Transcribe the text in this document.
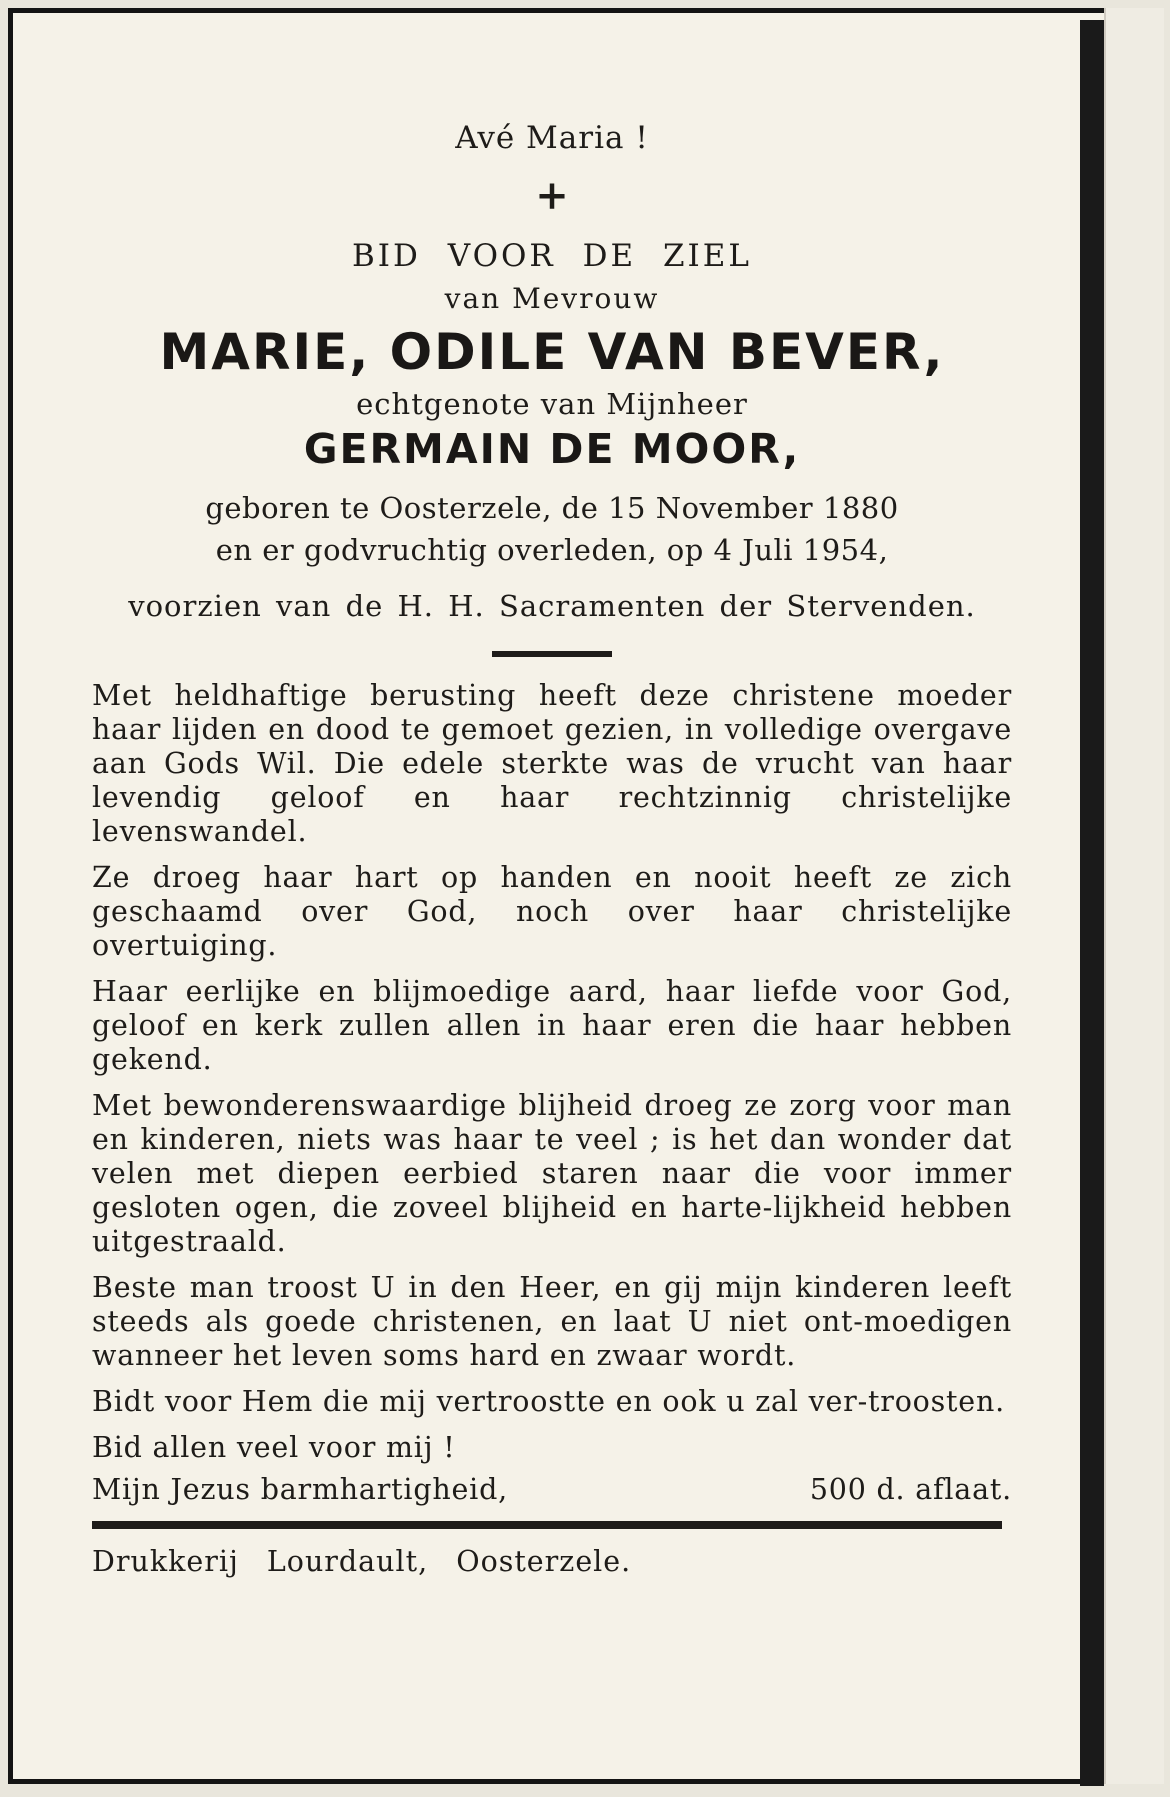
Avé Maria !
+
BID VOOR DE ZIEL
van Mevrouw
MARIE, ODILE VAN BEVER,
echtgenote van Mijnheer
GERMAIN DE MOOR,
geboren te Oosterzele, de 15 November 1880
en er godvruchtig overleden, op 4 Juli 1954,
voorzien van de H. H. Sacramenten der Stervenden.

Met heldhaftige berusting heeft deze christene moeder haar lijden en dood te gemoet gezien, in volledige overgave aan Gods Wil. Die edele sterkte was de vrucht van haar levendig geloof en haar rechtzinnig christelijke levenswandel.

Ze droeg haar hart op handen en nooit heeft ze zich geschaamd over God, noch over haar christelijke overtuiging.

Haar eerlijke en blijmoedige aard, haar liefde voor God, geloof en kerk zullen allen in haar eren die haar hebben gekend.

Met bewonderenswaardige blijheid droeg ze zorg voor man en kinderen, niets was haar te veel ; is het dan wonder dat velen met diepen eerbied staren naar die voor immer gesloten ogen, die zoveel blijheid en harte-lijkheid hebben uitgestraald.

Beste man troost U in den Heer, en gij mijn kinderen leeft steeds als goede christenen, en laat U niet ont-moedigen wanneer het leven soms hard en zwaar wordt.

Bidt voor Hem die mij vertroostte en ook u zal ver-troosten.

Bid allen veel voor mij !

Mijn Jezus barmhartigheid,	500 d. aflaat.
Drukkerij Lourdault, Oosterzele.
